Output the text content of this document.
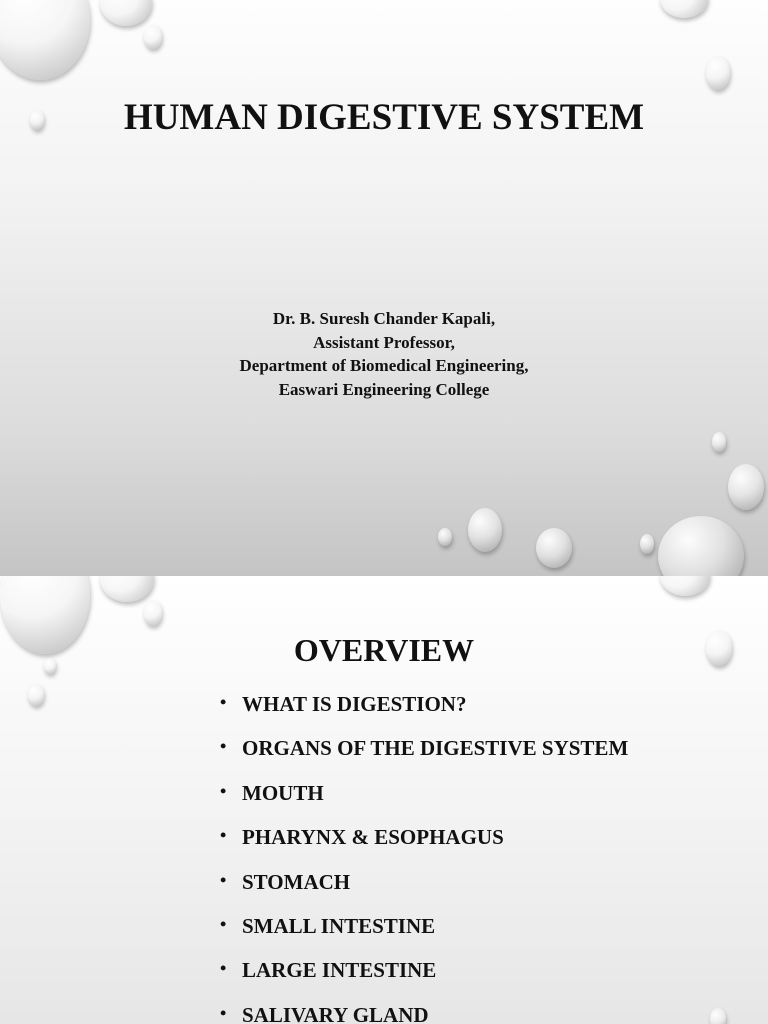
HUMAN DIGESTIVE SYSTEM
Dr. B. Suresh Chander Kapali,
Assistant Professor,
Department of Biomedical Engineering,
Easwari Engineering College
OVERVIEW
• WHAT IS DIGESTION?
• ORGANS OF THE DIGESTIVE SYSTEM
• MOUTH
• PHARYNX & ESOPHAGUS
• STOMACH
• SMALL INTESTINE
• LARGE INTESTINE
• SALIVARY GLAND
